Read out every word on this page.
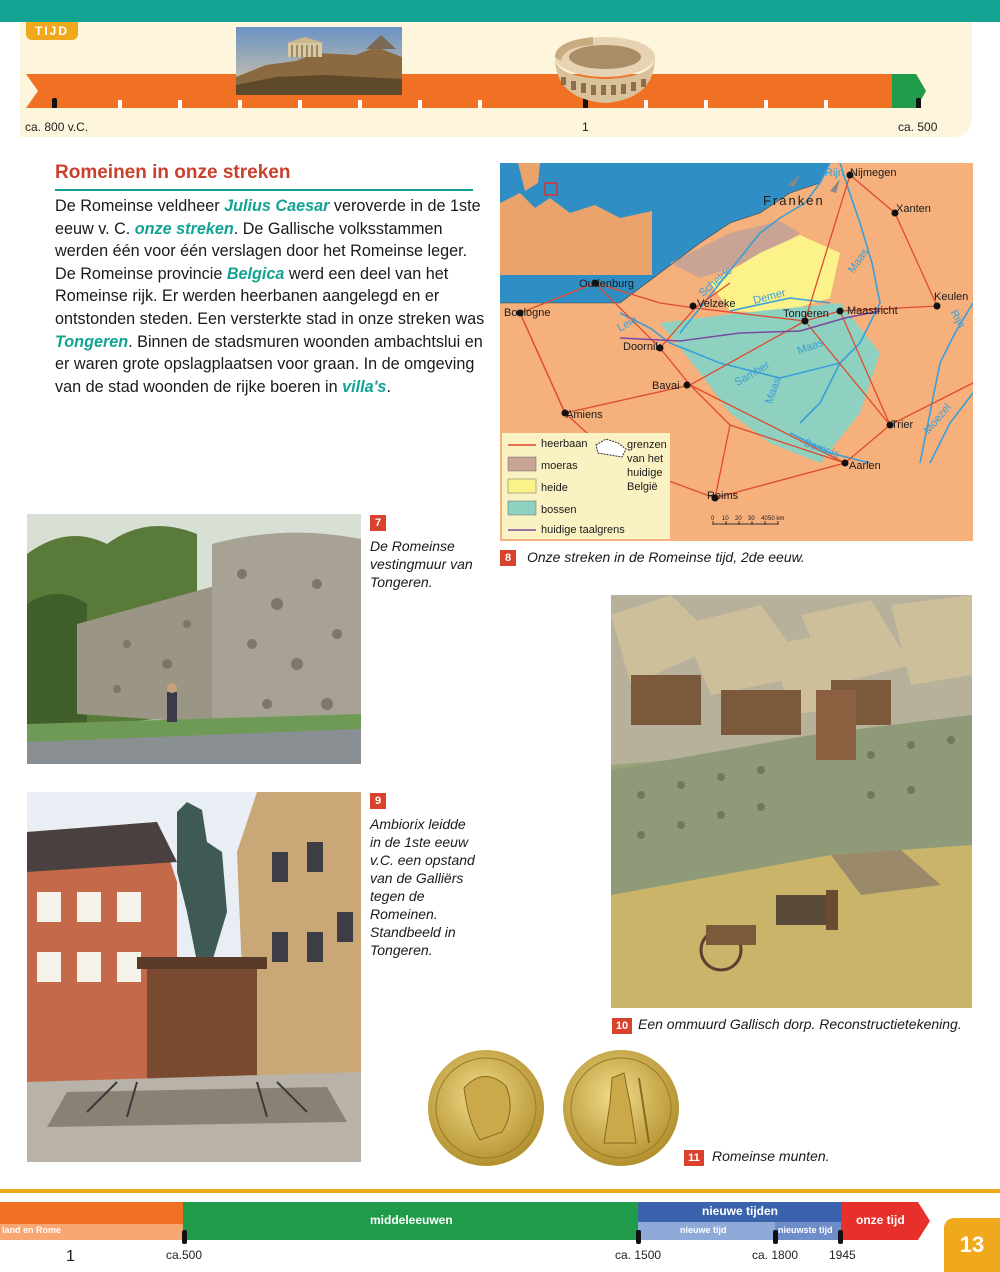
TIJD
ca. 800 v.C.	1	ca. 500
Romeinen in onze streken
De Romeinse veldheer Julius Caesar veroverde in de 1ste eeuw v. C. onze streken. De Gallische volksstammen werden één voor één verslagen door het Romeinse leger. De Romeinse provincie Belgica werd een deel van het Romeinse rijk. Er werden heerbanen aangelegd en er ontstonden steden. Een versterkte stad in onze streken was Tongeren. Binnen de stadsmuren woonden ambachtslui en er waren grote opslagplaatsen voor graan. In de omgeving van de stad woonden de rijke boeren in villa's.
Nijmegen
Xanten
Keulen
Maastricht
Tongeren
Velzeke
Oudenburg
Boulogne
Doornik
Bavai
Amiens
Trier
Aarlen
Reims
Franken
Rijn
Rijn
Maas
Maas
Maas
Schelde Demer
Leie
Samber
Semois
Moezel
heerbaan
moeras
heide
bossen
huidige taalgrens
grenzen van het huidige België
0 10 20 30 40 50 km
8	Onze streken in de Romeinse tijd, 2de eeuw.
7
De Romeinse vestingmuur van Tongeren.
9
Ambiorix leidde in de 1ste eeuw v.C. een opstand van de Galliërs tegen de Romeinen. Standbeeld in Tongeren.
10 Een ommuurd Gallisch dorp. Reconstructietekening.
11 Romeinse munten.
land en Rome
middeleeuwen
nieuwe tijden
nieuwe tijd	nieuwste tijd
onze tijd
1	ca.500	ca. 1500	ca. 1800	1945	13
